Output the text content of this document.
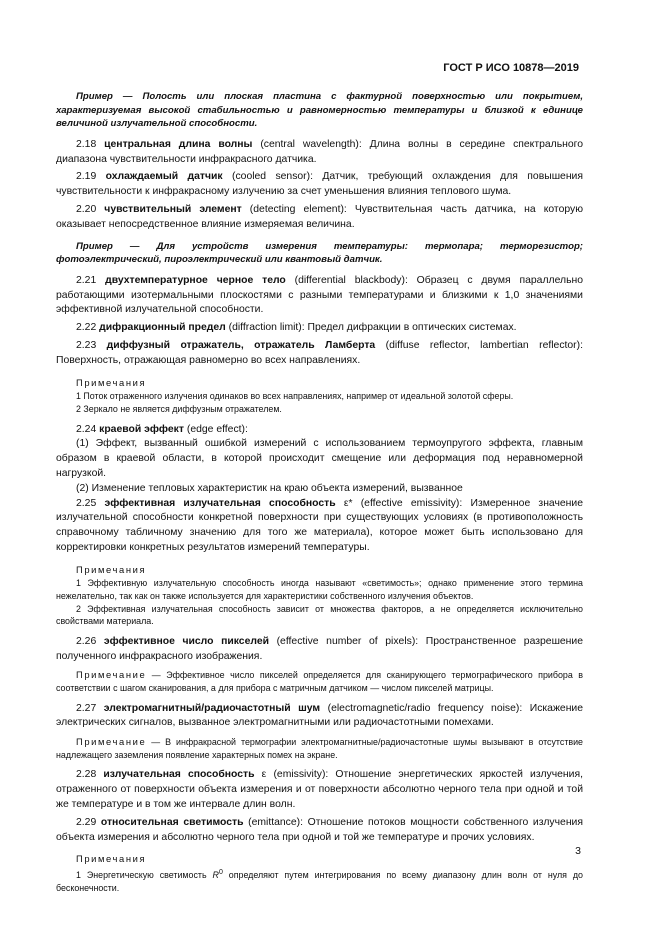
ГОСТ Р ИСО 10878—2019

Пример — Полость или плоская пластина с фактурной поверхностью или покрытием, характеризуемая высокой стабильностью и равномерностью температуры и близкой к единице величиной излучательной способности.

2.18 центральная длина волны (central wavelength): Длина волны в середине спектрального диапазона чувствительности инфракрасного датчика.

2.19 охлаждаемый датчик (cooled sensor): Датчик, требующий охлаждения для повышения чувствительности к инфракрасному излучению за счет уменьшения влияния теплового шума.

2.20 чувствительный элемент (detecting element): Чувствительная часть датчика, на которую оказывает непосредственное влияние измеряемая величина.

Пример — Для устройств измерения температуры: термопара; терморезистор; фотоэлектрический, пироэлектрический или квантовый датчик.

2.21 двухтемпературное черное тело (differential blackbody): Образец с двумя параллельно работающими изотермальными плоскостями с разными температурами и близкими к 1,0 значениями эффективной излучательной способности.

2.22 дифракционный предел (diffraction limit): Предел дифракции в оптических системах.

2.23 диффузный отражатель, отражатель Ламберта (diffuse reflector, lambertian reflector): Поверхность, отражающая равномерно во всех направлениях.

Примечания

1 Поток отраженного излучения одинаков во всех направлениях, например от идеальной золотой сферы.

2 Зеркало не является диффузным отражателем.

2.24 краевой эффект (edge effect):

(1) Эффект, вызванный ошибкой измерений с использованием термоупругого эффекта, главным образом в краевой области, в которой происходит смещение или деформация под неравномерной нагрузкой.

(2) Изменение тепловых характеристик на краю объекта измерений, вызванное

2.25 эффективная излучательная способность ε* (effective emissivity): Измеренное значение излучательной способности конкретной поверхности при существующих условиях (в противоположность справочному табличному значению для того же материала), которое может быть использовано для корректировки конкретных результатов измерений температуры.

Примечания

1 Эффективную излучательную способность иногда называют «светимость»; однако применение этого термина нежелательно, так как он также используется для характеристики собственного излучения объектов.

2 Эффективная излучательная способность зависит от множества факторов, а не определяется исключительно свойствами материала.

2.26 эффективное число пикселей (effective number of pixels): Пространственное разрешение полученного инфракрасного изображения.

Примечание — Эффективное число пикселей определяется для сканирующего термографического прибора в соответствии с шагом сканирования, а для прибора с матричным датчиком — числом пикселей матрицы.

2.27 электромагнитный/радиочастотный шум (electromagnetic/radio frequency noise): Искажение электрических сигналов, вызванное электромагнитными или радиочастотными помехами.

Примечание — В инфракрасной термографии электромагнитные/радиочастотные шумы вызывают в отсутствие надлежащего заземления появление характерных помех на экране.

2.28 излучательная способность ε (emissivity): Отношение энергетических яркостей излучения, отраженного от поверхности объекта измерения и от поверхности абсолютно черного тела при одной и той же температуре и в том же интервале длин волн.

2.29 относительная светимость (emittance): Отношение потоков мощности собственного излучения объекта измерения и абсолютно черного тела при одной и той же температуре и прочих условиях.

Примечания

1 Энергетическую светимость $R^0$ определяют путем интегрирования по всему диапазону длин волн от нуля до бесконечности.

3
